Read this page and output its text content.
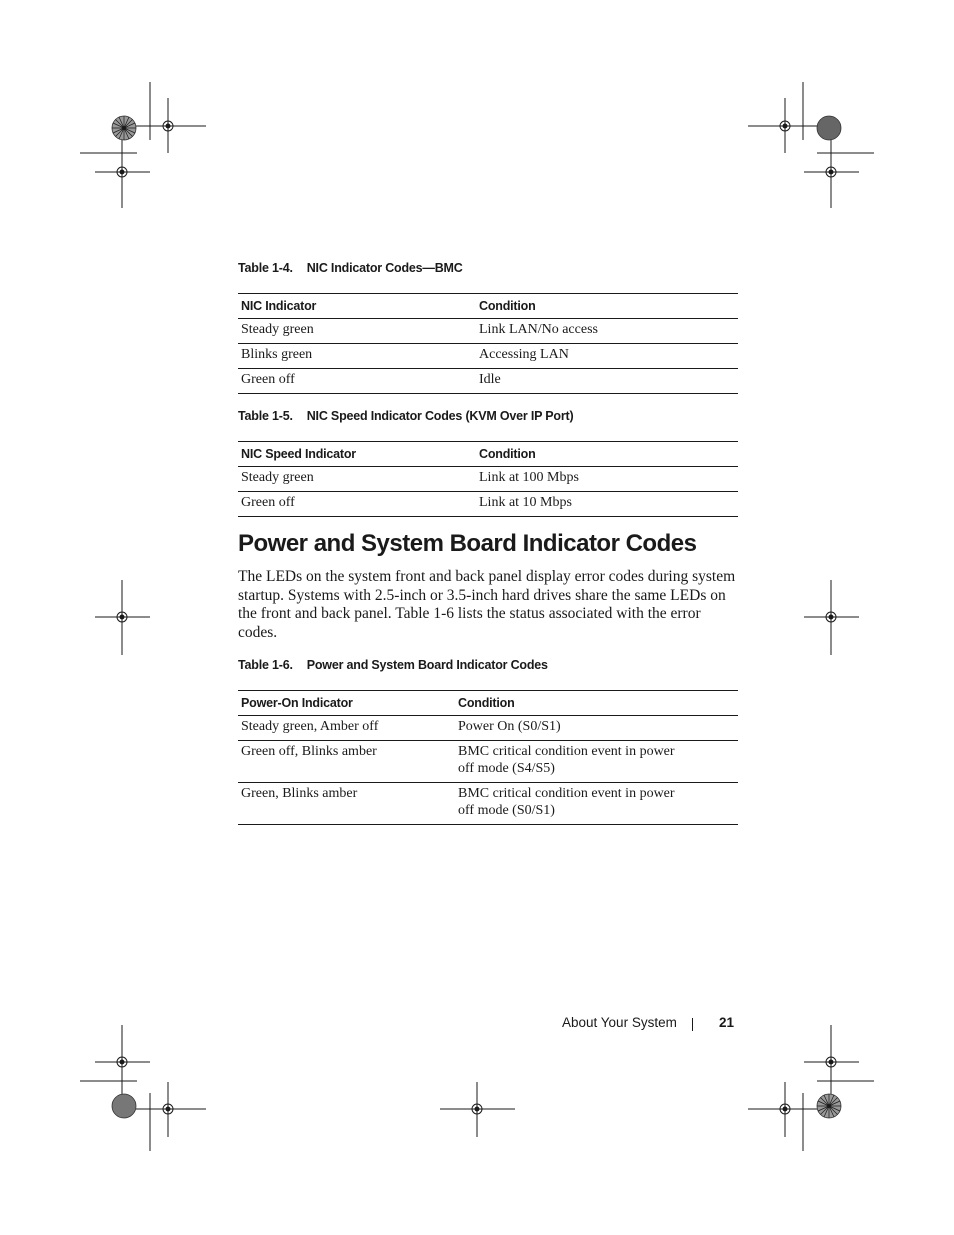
Table 1-4. NIC Indicator Codes—BMC
NIC Indicator	Condition
Steady green	Link LAN/No access
Blinks green	Accessing LAN
Green off	Idle
Table 1-5. NIC Speed Indicator Codes (KVM Over IP Port)
NIC Speed Indicator	Condition
Steady green	Link at 100 Mbps
Green off	Link at 10 Mbps
Power and System Board Indicator Codes

The LEDs on the system front and back panel display error codes during system startup. Systems with 2.5-inch or 3.5-inch hard drives share the same LEDs on the front and back panel. Table 1-6 lists the status associated with the error codes.

Table 1-6. Power and System Board Indicator Codes
Power-On Indicator	Condition
Steady green, Amber off	Power On (S0/S1)
Green off, Blinks amber	BMC critical condition event in power off mode (S4/S5)
Green, Blinks amber	BMC critical condition event in power off mode (S0/S1)
About Your System	21
